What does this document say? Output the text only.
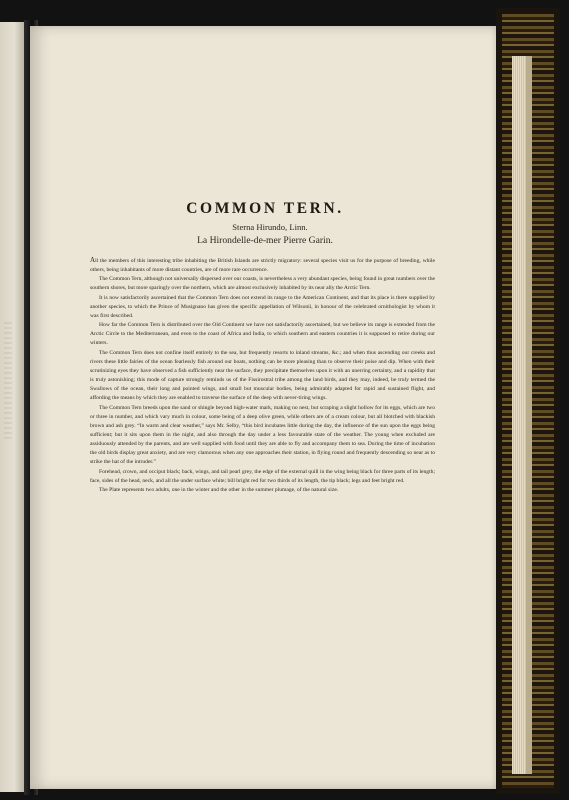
COMMON TERN.
Sterna Hirundo, Linn.
La Hirondelle-de-mer Pierre Garin.

All the members of this interesting tribe inhabiting the British Islands are strictly migratory: several species visit us for the purpose of breeding, while others, being inhabitants of more distant countries, are of more rare occurrence.

The Common Tern, although not universally dispersed over our coasts, is nevertheless a very abundant species, being found in great numbers over the southern shores, but more sparingly over the northern, which are almost exclusively inhabited by its near ally the Arctic Tern.

It is now satisfactorily ascertained that the Common Tern does not extend its range to the American Continent, and that its place is there supplied by another species, to which the Prince of Musignano has given the specific appellation of Wilsonii, in honour of the celebrated ornithologist by whom it was first described.

How far the Common Tern is distributed over the Old Continent we have not satisfactorily ascertained, but we believe its range is extended from the Arctic Circle to the Mediterranean, and even to the coast of Africa and India, to which southern and eastern countries it is supposed to retire during our winters.

The Common Tern does not confine itself entirely to the sea, but frequently resorts to inland streams, &c.; and when thus ascending our creeks and rivers these little fairies of the ocean fearlessly fish around our boats, nothing can be more pleasing than to observe their poise and dip. When with their scrutinizing eyes they have observed a fish sufficiently near the surface, they precipitate themselves upon it with an unerring certainty, and a rapidity that is truly astonishing; this mode of capture strongly reminds us of the Fissirostral tribe among the land birds, and they may, indeed, be truly termed the Swallows of the ocean, their long and pointed wings, and small but muscular bodies, being admirably adapted for rapid and sustained flight, and affording the means by which they are enabled to traverse the surface of the deep with never-tiring wings.

The Common Tern breeds upon the sand or shingle beyond high-water mark, making no nest, but scraping a slight hollow for its eggs, which are two or three in number, and which vary much in colour, some being of a deep olive green, while others are of a cream colour, but all blotched with blackish brown and ash grey. “In warm and clear weather,” says Mr. Selby, “this bird incubates little during the day, the influence of the sun upon the eggs being sufficient; but it sits upon them in the night, and also through the day under a less favourable state of the weather. The young when excluded are assiduously attended by the parents, and are well supplied with food until they are able to fly and accompany them to sea. During the time of incubation the old birds display great anxiety, and are very clamorous when any one approaches their station, in flying round and frequently descending so near as to strike the hat of the intruder.”

Forehead, crown, and occiput black; back, wings, and tail pearl grey, the edge of the external quill in the wing being black for three parts of its length; face, sides of the head, neck, and all the under surface white; bill bright red for two thirds of its length, the tip black; legs and feet bright red.

The Plate represents two adults, one in the winter and the other in the summer plumage, of the natural size.
